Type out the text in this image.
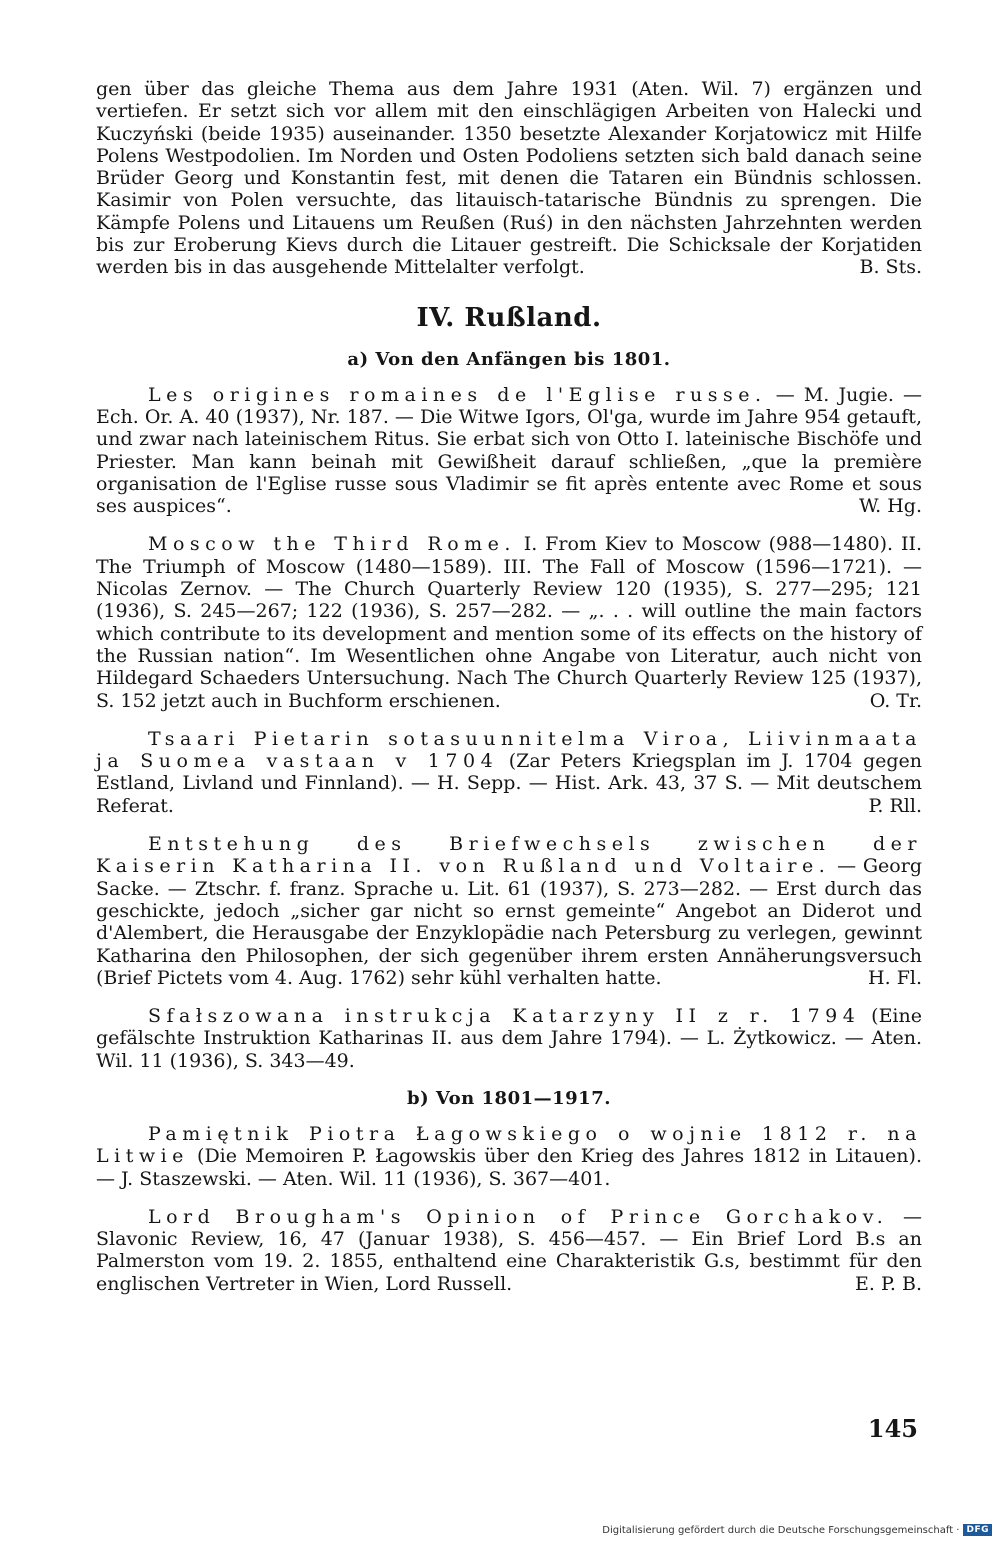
gen über das gleiche Thema aus dem Jahre 1931 (Aten. Wil. 7) ergänzen und vertiefen. Er setzt sich vor allem mit den einschlägigen Arbeiten von Halecki und Kuczyński (beide 1935) auseinander. 1350 besetzte Alexander Korjatowicz mit Hilfe Polens Westpodolien. Im Norden und Osten Podoliens setzten sich bald danach seine Brüder Georg und Konstantin fest, mit denen die Tataren ein Bündnis schlossen. Kasimir von Polen versuchte, das litauisch-tatarische Bündnis zu sprengen. Die Kämpfe Polens und Litauens um Reußen (Ruś) in den nächsten Jahrzehnten werden bis zur Eroberung Kievs durch die Litauer gestreift. Die Schicksale der Korjatiden werden bis in das ausgehende Mittelalter verfolgt.	B. Sts.

IV. Rußland.
a) Von den Anfängen bis 1801.

Les origines romaines de l'Eglise russe. — M. Jugie. — Ech. Or. A. 40 (1937), Nr. 187. — Die Witwe Igors, Ol'ga, wurde im Jahre 954 getauft, und zwar nach lateinischem Ritus. Sie erbat sich von Otto I. lateinische Bischöfe und Priester. Man kann beinah mit Gewißheit darauf schließen, „que la première organisation de l'Eglise russe sous Vladimir se fit après entente avec Rome et sous ses auspices“.	W. Hg.

Moscow the Third Rome. I. From Kiev to Moscow (988—1480). II. The Triumph of Moscow (1480—1589). III. The Fall of Moscow (1596—1721). — Nicolas Zernov. — The Church Quarterly Review 120 (1935), S. 277—295; 121 (1936), S. 245—267; 122 (1936), S. 257—282. — „. . . will outline the main factors which contribute to its development and mention some of its effects on the history of the Russian nation“. Im Wesentlichen ohne Angabe von Literatur, auch nicht von Hildegard Schaeders Untersuchung. Nach The Church Quarterly Review 125 (1937), S. 152 jetzt auch in Buchform erschienen.	O. Tr.

Tsaari Pietarin sotasuunnitelma Viroa, Liivinmaata ja Suomea vastaan v 1704 (Zar Peters Kriegsplan im J. 1704 gegen Estland, Livland und Finnland). — H. Sepp. — Hist. Ark. 43, 37 S. — Mit deutschem Referat.	P. Rll.

Entstehung des Briefwechsels zwischen der Kaiserin Katharina II. von Rußland und Voltaire. — Georg Sacke. — Ztschr. f. franz. Sprache u. Lit. 61 (1937), S. 273—282. — Erst durch das geschickte, jedoch „sicher gar nicht so ernst gemeinte“ Angebot an Diderot und d'Alembert, die Herausgabe der Enzyklopädie nach Petersburg zu verlegen, gewinnt Katharina den Philosophen, der sich gegenüber ihrem ersten Annäherungsversuch (Brief Pictets vom 4. Aug. 1762) sehr kühl verhalten hatte.	H. Fl.

Sfałszowana instrukcja Katarzyny II z r. 1794 (Eine gefälschte Instruktion Katharinas II. aus dem Jahre 1794). — L. Żytkowicz. — Aten. Wil. 11 (1936), S. 343—49.

b) Von 1801—1917.

Pamiętnik Piotra Łagowskiego o wojnie 1812 r. na Litwie (Die Memoiren P. Łagowskis über den Krieg des Jahres 1812 in Litauen). — J. Staszewski. — Aten. Wil. 11 (1936), S. 367—401.

Lord Brougham's Opinion of Prince Gorchakov. — Slavonic Review, 16, 47 (Januar 1938), S. 456—457. — Ein Brief Lord B.s an Palmerston vom 19. 2. 1855, enthaltend eine Charakteristik G.s, bestimmt für den englischen Vertreter in Wien, Lord Russell.	E. P. B.

145
Digitalisierung gefördert durch die Deutsche Forschungsgemeinschaft · DFG
